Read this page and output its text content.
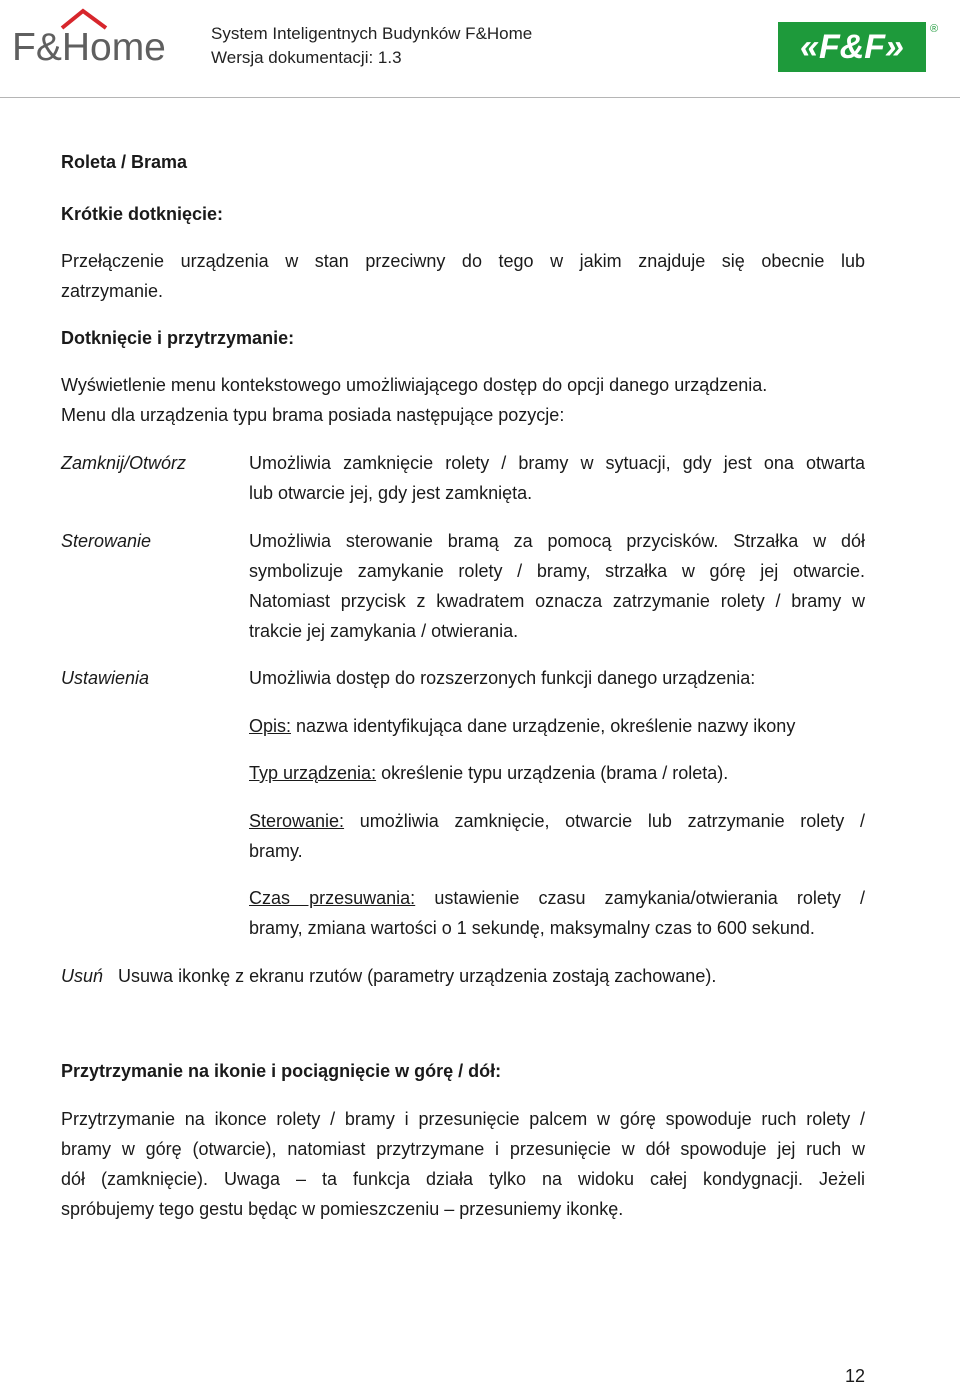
F&Home	System Inteligentnych Budynków F&Home
Wersja dokumentacji: 1.3	«F&F» ®
Roleta / Brama
Krótkie dotknięcie:
Przełączenie urządzenia w stan przeciwny do tego w jakim znajduje się obecnie lub
zatrzymanie.
Dotknięcie i przytrzymanie:
Wyświetlenie menu kontekstowego umożliwiającego dostęp do opcji danego urządzenia.
Menu dla urządzenia typu brama posiada następujące pozycje:
Zamknij/Otwórz	Umożliwia zamknięcie rolety / bramy w sytuacji, gdy jest ona otwarta
lub otwarcie jej, gdy jest zamknięta.
Sterowanie	Umożliwia sterowanie bramą za pomocą przycisków. Strzałka w dół
symbolizuje zamykanie rolety / bramy, strzałka w górę jej otwarcie.
Natomiast przycisk z kwadratem oznacza zatrzymanie rolety / bramy w
trakcie jej zamykania / otwierania.
Ustawienia	Umożliwia dostęp do rozszerzonych funkcji danego urządzenia:
Opis: nazwa identyfikująca dane urządzenie, określenie nazwy ikony
Typ urządzenia: określenie typu urządzenia (brama / roleta).
Sterowanie: umożliwia zamknięcie, otwarcie lub zatrzymanie rolety /
bramy.
Czas przesuwania: ustawienie czasu zamykania/otwierania rolety /
bramy, zmiana wartości o 1 sekundę, maksymalny czas to 600 sekund.
Usuń Usuwa ikonkę z ekranu rzutów (parametry urządzenia zostają zachowane).
Przytrzymanie na ikonie i pociągnięcie w górę / dół:
Przytrzymanie na ikonce rolety / bramy i przesunięcie palcem w górę spowoduje ruch rolety /
bramy w górę (otwarcie), natomiast przytrzymane i przesunięcie w dół spowoduje jej ruch w
dół (zamknięcie). Uwaga – ta funkcja działa tylko na widoku całej kondygnacji. Jeżeli
spróbujemy tego gestu będąc w pomieszczeniu – przesuniemy ikonkę.
12
